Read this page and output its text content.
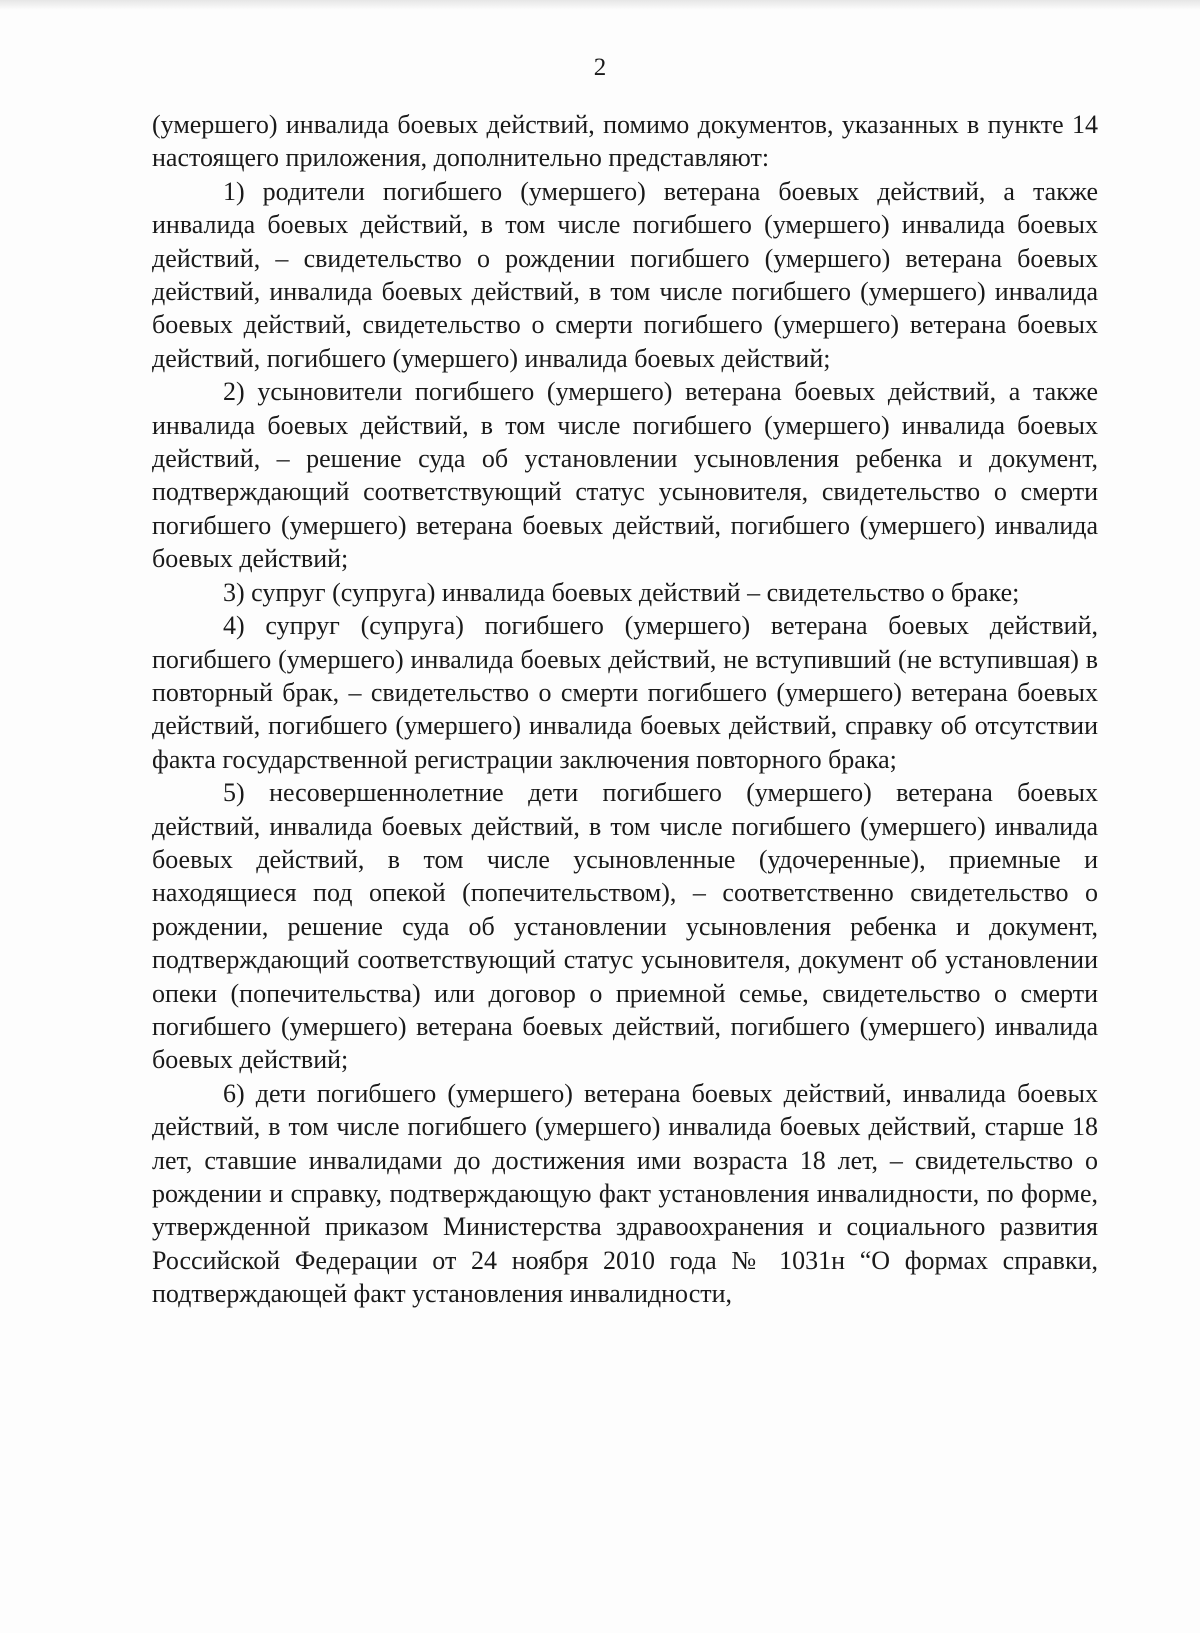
2

(умершего) инвалида боевых действий, помимо документов, указанных в пункте 14 настоящего приложения, дополнительно представляют:

1) родители погибшего (умершего) ветерана боевых действий, а также инвалида боевых действий, в том числе погибшего (умершего) инвалида боевых действий, – свидетельство о рождении погибшего (умершего) ветерана боевых действий, инвалида боевых действий, в том числе погибшего (умершего) инвалида боевых действий, свидетельство о смерти погибшего (умершего) ветерана боевых действий, погибшего (умершего) инвалида боевых действий;

2) усыновители погибшего (умершего) ветерана боевых действий, а также инвалида боевых действий, в том числе погибшего (умершего) инвалида боевых действий, – решение суда об установлении усыновления ребенка и документ, подтверждающий соответствующий статус усыновителя, свидетельство о смерти погибшего (умершего) ветерана боевых действий, погибшего (умершего) инвалида боевых действий;

3) супруг (супруга) инвалида боевых действий – свидетельство о браке;

4) супруг (супруга) погибшего (умершего) ветерана боевых действий, погибшего (умершего) инвалида боевых действий, не вступивший (не вступившая) в повторный брак, – свидетельство о смерти погибшего (умершего) ветерана боевых действий, погибшего (умершего) инвалида боевых действий, справку об отсутствии факта государственной регистрации заключения повторного брака;

5) несовершеннолетние дети погибшего (умершего) ветерана боевых действий, инвалида боевых действий, в том числе погибшего (умершего) инвалида боевых действий, в том числе усыновленные (удочеренные), приемные и находящиеся под опекой (попечительством), – соответственно свидетельство о рождении, решение суда об установлении усыновления ребенка и документ, подтверждающий соответствующий статус усыновителя, документ об установлении опеки (попечительства) или договор о приемной семье, свидетельство о смерти погибшего (умершего) ветерана боевых действий, погибшего (умершего) инвалида боевых действий;

6) дети погибшего (умершего) ветерана боевых действий, инвалида боевых действий, в том числе погибшего (умершего) инвалида боевых действий, старше 18 лет, ставшие инвалидами до достижения ими возраста 18 лет, – свидетельство о рождении и справку, подтверждающую факт установления инвалидности, по форме, утвержденной приказом Министерства здравоохранения и социального развития Российской Федерации от 24 ноября 2010 года № 1031н “О формах справки, подтверждающей факт установления инвалидности,
